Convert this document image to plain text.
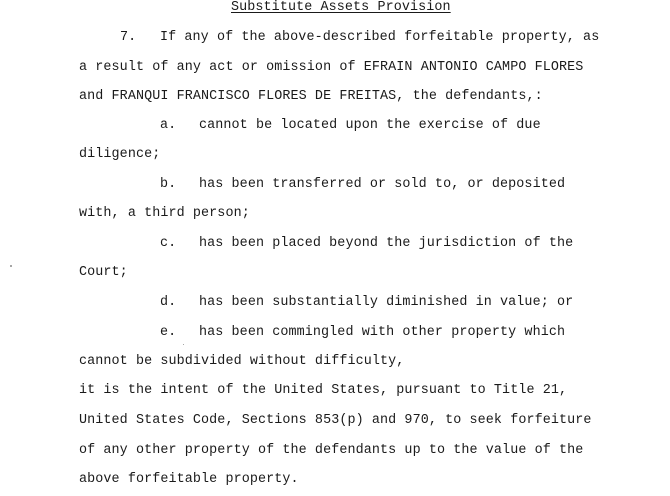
Substitute Assets Provision
7. If any of the above-described forfeitable property, as
a result of any act or omission of EFRAIN ANTONIO CAMPO FLORES
and FRANQUI FRANCISCO FLORES DE FREITAS, the defendants,:
a. cannot be located upon the exercise of due
diligence;
b. has been transferred or sold to, or deposited
with, a third person;
c. has been placed beyond the jurisdiction of the
Court;
d. has been substantially diminished in value; or
e. has been commingled with other property which
cannot be subdivided without difficulty,
it is the intent of the United States, pursuant to Title 21,
United States Code, Sections 853(p) and 970, to seek forfeiture
of any other property of the defendants up to the value of the
above forfeitable property.
